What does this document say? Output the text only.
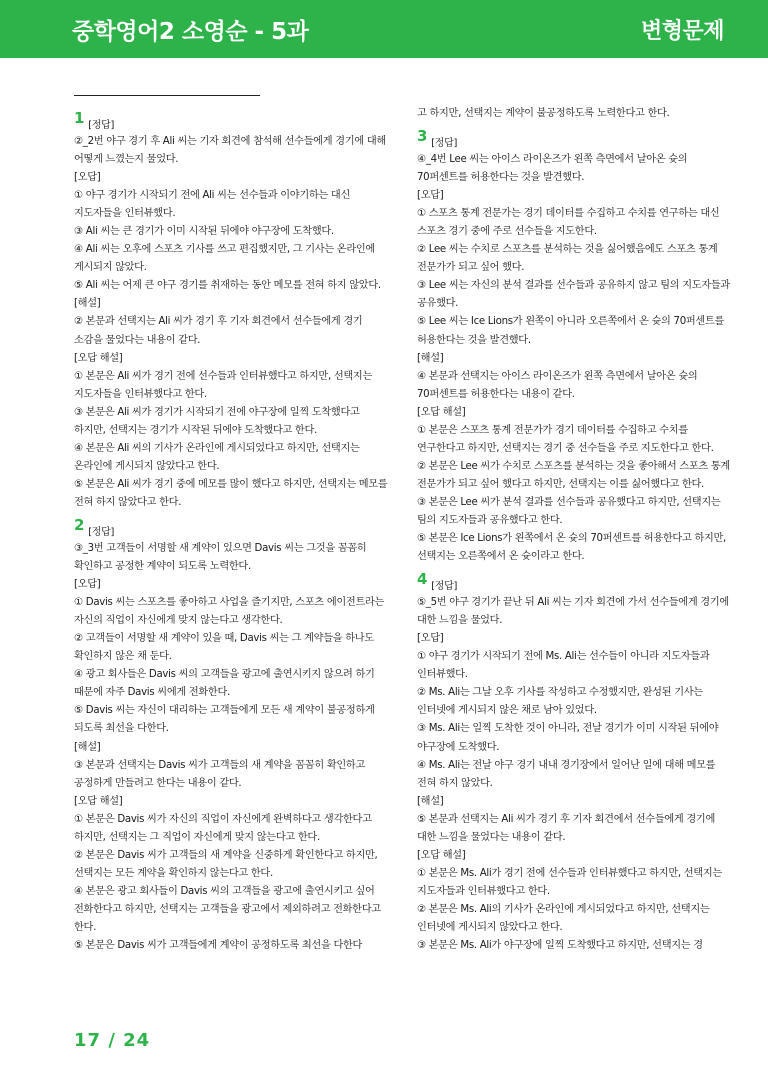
중학영어2 소영순 - 5과	변형문제
1 [정답]

②_2번 야구 경기 후 Ali 씨는 기자 회견에 참석해 선수들에게 경기에 대해 어떻게 느꼈는지 물었다.

[오답]

① 야구 경기가 시작되기 전에 Ali 씨는 선수들과 이야기하는 대신 지도자들을 인터뷰했다.

③ Ali 씨는 큰 경기가 이미 시작된 뒤에야 야구장에 도착했다.

④ Ali 씨는 오후에 스포츠 기사를 쓰고 편집했지만, 그 기사는 온라인에 게시되지 않았다.

⑤ Ali 씨는 어제 큰 야구 경기를 취재하는 동안 메모를 전혀 하지 않았다.

[해설]

② 본문과 선택지는 Ali 씨가 경기 후 기자 회견에서 선수들에게 경기 소감을 물었다는 내용이 같다.

[오답 해설]

① 본문은 Ali 씨가 경기 전에 선수들과 인터뷰했다고 하지만, 선택지는 지도자들을 인터뷰했다고 한다.

③ 본문은 Ali 씨가 경기가 시작되기 전에 야구장에 일찍 도착했다고 하지만, 선택지는 경기가 시작된 뒤에야 도착했다고 한다.

④ 본문은 Ali 씨의 기사가 온라인에 게시되었다고 하지만, 선택지는 온라인에 게시되지 않았다고 한다.

⑤ 본문은 Ali 씨가 경기 중에 메모를 많이 했다고 하지만, 선택지는 메모를 전혀 하지 않았다고 한다.

2 [정답]

③_3번 고객들이 서명할 새 계약이 있으면 Davis 씨는 그것을 꼼꼼히 확인하고 공정한 계약이 되도록 노력한다.

[오답]

① Davis 씨는 스포츠를 좋아하고 사업을 즐기지만, 스포츠 에이전트라는 자신의 직업이 자신에게 맞지 않는다고 생각한다.

② 고객들이 서명할 새 계약이 있을 때, Davis 씨는 그 계약들을 하나도 확인하지 않은 채 둔다.

④ 광고 회사들은 Davis 씨의 고객들을 광고에 출연시키지 않으려 하기 때문에 자주 Davis 씨에게 전화한다.

⑤ Davis 씨는 자신이 대리하는 고객들에게 모든 새 계약이 불공정하게 되도록 최선을 다한다.

[해설]

③ 본문과 선택지는 Davis 씨가 고객들의 새 계약을 꼼꼼히 확인하고 공정하게 만들려고 한다는 내용이 같다.

[오답 해설]

① 본문은 Davis 씨가 자신의 직업이 자신에게 완벽하다고 생각한다고 하지만, 선택지는 그 직업이 자신에게 맞지 않는다고 한다.

② 본문은 Davis 씨가 고객들의 새 계약을 신중하게 확인한다고 하지만, 선택지는 모든 계약을 확인하지 않는다고 한다.

④ 본문은 광고 회사들이 Davis 씨의 고객들을 광고에 출연시키고 싶어 전화한다고 하지만, 선택지는 고객들을 광고에서 제외하려고 전화한다고 한다.

⑤ 본문은 Davis 씨가 고객들에게 계약이 공정하도록 최선을 다한다

고 하지만, 선택지는 계약이 불공정하도록 노력한다고 한다.

3 [정답]

④_4번 Lee 씨는 아이스 라이온즈가 왼쪽 측면에서 날아온 슛의 70퍼센트를 허용한다는 것을 발견했다.

[오답]

① 스포츠 통계 전문가는 경기 데이터를 수집하고 수치를 연구하는 대신 스포츠 경기 중에 주로 선수들을 지도한다.

② Lee 씨는 수치로 스포츠를 분석하는 것을 싫어했음에도 스포츠 통계 전문가가 되고 싶어 했다.

③ Lee 씨는 자신의 분석 결과를 선수들과 공유하지 않고 팀의 지도자들과 공유했다.

⑤ Lee 씨는 Ice Lions가 왼쪽이 아니라 오른쪽에서 온 슛의 70퍼센트를 허용한다는 것을 발견했다.

[해설]

④ 본문과 선택지는 아이스 라이온즈가 왼쪽 측면에서 날아온 슛의 70퍼센트를 허용한다는 내용이 같다.

[오답 해설]

① 본문은 스포츠 통계 전문가가 경기 데이터를 수집하고 수치를 연구한다고 하지만, 선택지는 경기 중 선수들을 주로 지도한다고 한다.

② 본문은 Lee 씨가 수치로 스포츠를 분석하는 것을 좋아해서 스포츠 통계 전문가가 되고 싶어 했다고 하지만, 선택지는 이를 싫어했다고 한다.

③ 본문은 Lee 씨가 분석 결과를 선수들과 공유했다고 하지만, 선택지는 팀의 지도자들과 공유했다고 한다.

⑤ 본문은 Ice Lions가 왼쪽에서 온 슛의 70퍼센트를 허용한다고 하지만, 선택지는 오른쪽에서 온 슛이라고 한다.

4 [정답]

⑤_5번 야구 경기가 끝난 뒤 Ali 씨는 기자 회견에 가서 선수들에게 경기에 대한 느낌을 물었다.

[오답]

① 야구 경기가 시작되기 전에 Ms. Ali는 선수들이 아니라 지도자들과 인터뷰했다.

② Ms. Ali는 그날 오후 기사를 작성하고 수정했지만, 완성된 기사는 인터넷에 게시되지 않은 채로 남아 있었다.

③ Ms. Ali는 일찍 도착한 것이 아니라, 전날 경기가 이미 시작된 뒤에야 야구장에 도착했다.

④ Ms. Ali는 전날 야구 경기 내내 경기장에서 일어난 일에 대해 메모를 전혀 하지 않았다.

[해설]

⑤ 본문과 선택지는 Ali 씨가 경기 후 기자 회견에서 선수들에게 경기에 대한 느낌을 물었다는 내용이 같다.

[오답 해설]

① 본문은 Ms. Ali가 경기 전에 선수들과 인터뷰했다고 하지만, 선택지는 지도자들과 인터뷰했다고 한다.

② 본문은 Ms. Ali의 기사가 온라인에 게시되었다고 하지만, 선택지는 인터넷에 게시되지 않았다고 한다.

③ 본문은 Ms. Ali가 야구장에 일찍 도착했다고 하지만, 선택지는 경

17 / 24
